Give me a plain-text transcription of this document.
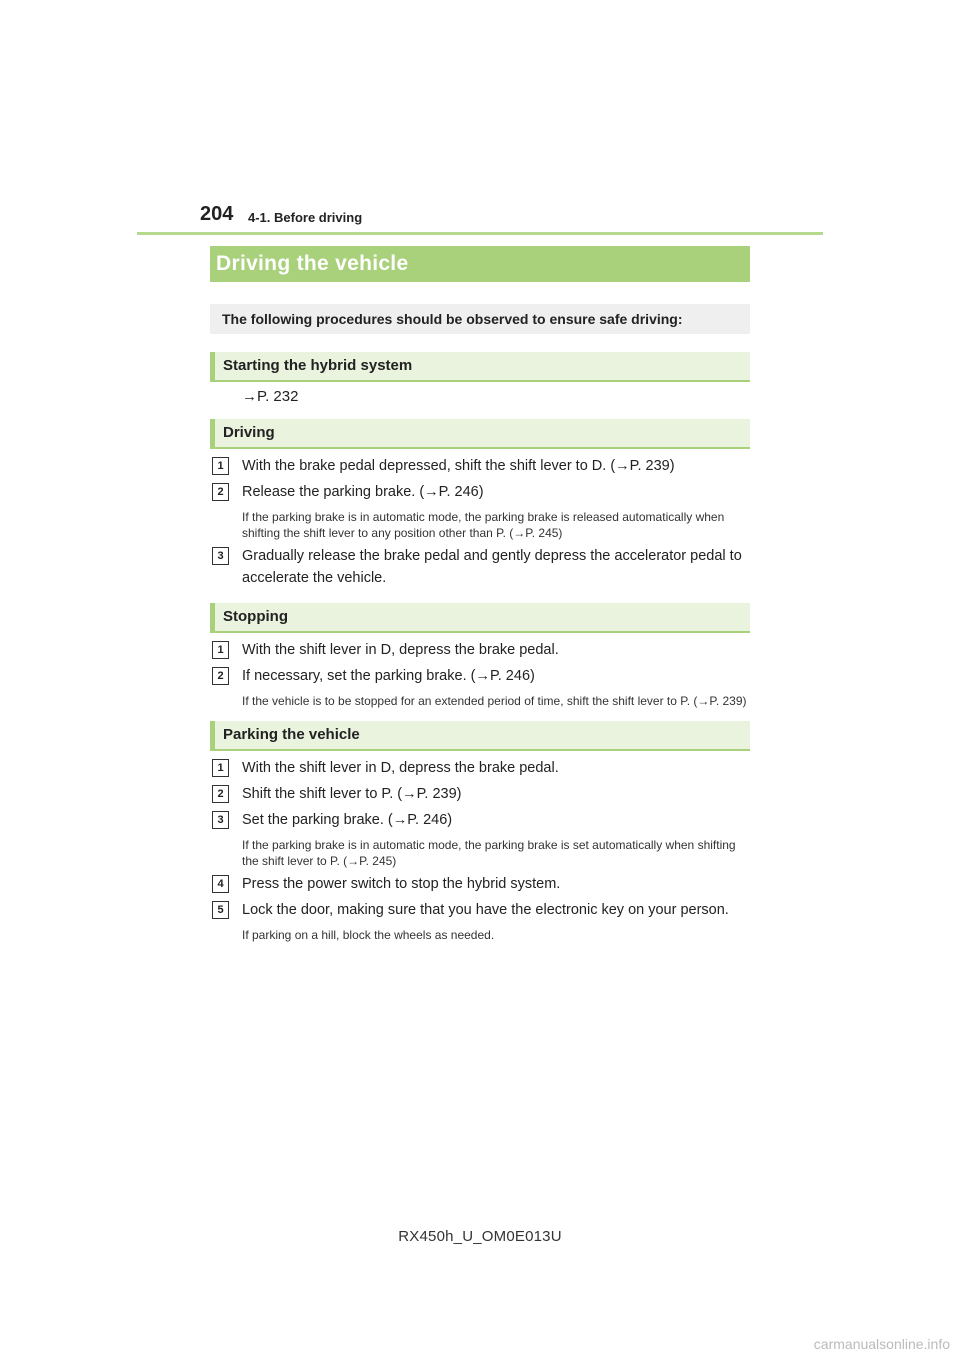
204 4-1. Before driving
Driving the vehicle
The following procedures should be observed to ensure safe driving:
Starting the hybrid system
→P. 232
Driving
1	With the brake pedal depressed, shift the shift lever to D. (→P. 239)
2	Release the parking brake. (→P. 246)
If the parking brake is in automatic mode, the parking brake is released automatically when shifting the shift lever to any position other than P. (→P. 245)
3	Gradually release the brake pedal and gently depress the accelerator pedal to accelerate the vehicle.
Stopping
1	With the shift lever in D, depress the brake pedal.
2	If necessary, set the parking brake. (→P. 246)
If the vehicle is to be stopped for an extended period of time, shift the shift lever to P. (→P. 239)
Parking the vehicle
1	With the shift lever in D, depress the brake pedal.
2	Shift the shift lever to P. (→P. 239)
3	Set the parking brake. (→P. 246)
If the parking brake is in automatic mode, the parking brake is set automatically when shifting the shift lever to P. (→P. 245)
4	Press the power switch to stop the hybrid system.
5	Lock the door, making sure that you have the electronic key on your person.
If parking on a hill, block the wheels as needed.
RX450h_U_OM0E013U
carmanualsonline.info
